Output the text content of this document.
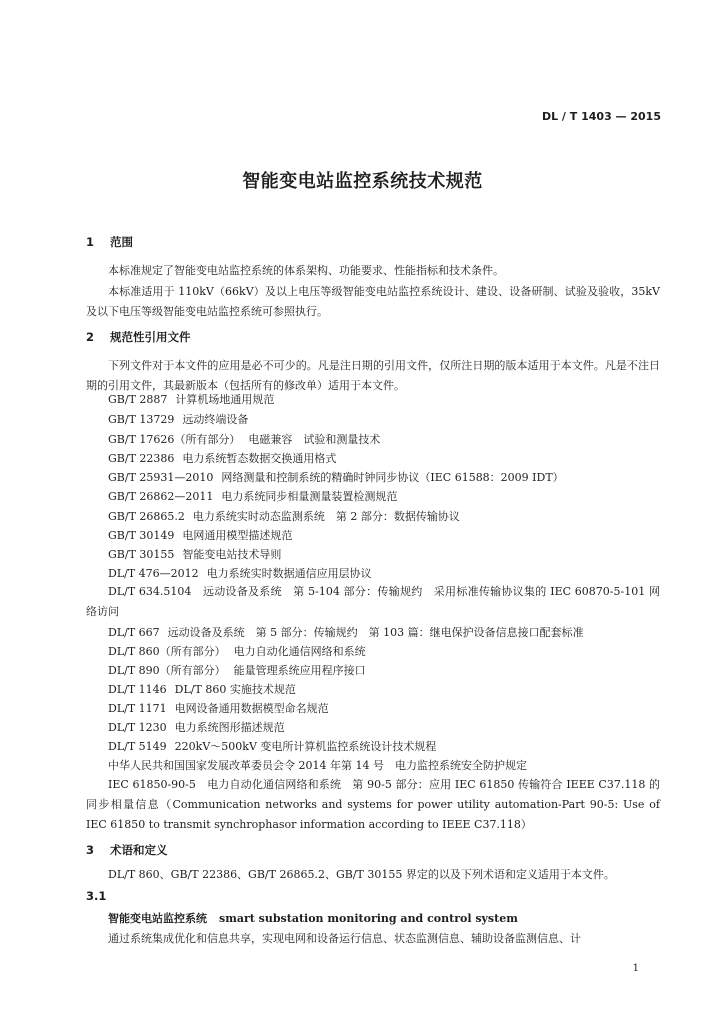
DL / T 1403 — 2015
智能变电站监控系统技术规范
1 范围
本标准规定了智能变电站监控系统的体系架构、功能要求、性能指标和技术条件。
本标准适用于 110kV（66kV）及以上电压等级智能变电站监控系统设计、建设、设备研制、试验及验收，35kV 及以下电压等级智能变电站监控系统可参照执行。
2 规范性引用文件
下列文件对于本文件的应用是必不可少的。凡是注日期的引用文件，仅所注日期的版本适用于本文件。凡是不注日期的引用文件，其最新版本（包括所有的修改单）适用于本文件。
GB/T 2887 计算机场地通用规范
GB/T 13729 远动终端设备
GB/T 17626（所有部分） 电磁兼容　试验和测量技术
GB/T 22386 电力系统暂态数据交换通用格式
GB/T 25931—2010 网络测量和控制系统的精确时钟同步协议（IEC 61588：2009 IDT）
GB/T 26862—2011 电力系统同步相量测量装置检测规范
GB/T 26865.2 电力系统实时动态监测系统　第 2 部分：数据传输协议
GB/T 30149 电网通用模型描述规范
GB/T 30155 智能变电站技术导则
DL/T 476—2012 电力系统实时数据通信应用层协议
DL/T 634.5104　远动设备及系统　第 5-104 部分：传输规约　采用标准传输协议集的 IEC 60870-5-101 网络访问
DL/T 667 远动设备及系统　第 5 部分：传输规约　第 103 篇：继电保护设备信息接口配套标准
DL/T 860（所有部分） 电力自动化通信网络和系统
DL/T 890（所有部分） 能量管理系统应用程序接口
DL/T 1146 DL/T 860 实施技术规范
DL/T 1171 电网设备通用数据模型命名规范
DL/T 1230 电力系统图形描述规范
DL/T 5149 220kV～500kV 变电所计算机监控系统设计技术规程
中华人民共和国国家发展改革委员会令 2014 年第 14 号　电力监控系统安全防护规定
IEC 61850-90-5　电力自动化通信网络和系统　第 90-5 部分：应用 IEC 61850 传输符合 IEEE C37.118 的同步相量信息（Communication networks and systems for power utility automation-Part 90-5: Use of IEC 61850 to transmit synchrophasor information according to IEEE C37.118）
3 术语和定义
DL/T 860、GB/T 22386、GB/T 26865.2、GB/T 30155 界定的以及下列术语和定义适用于本文件。
3.1
智能变电站监控系统 smart substation monitoring and control system
通过系统集成优化和信息共享，实现电网和设备运行信息、状态监测信息、辅助设备监测信息、计
1
